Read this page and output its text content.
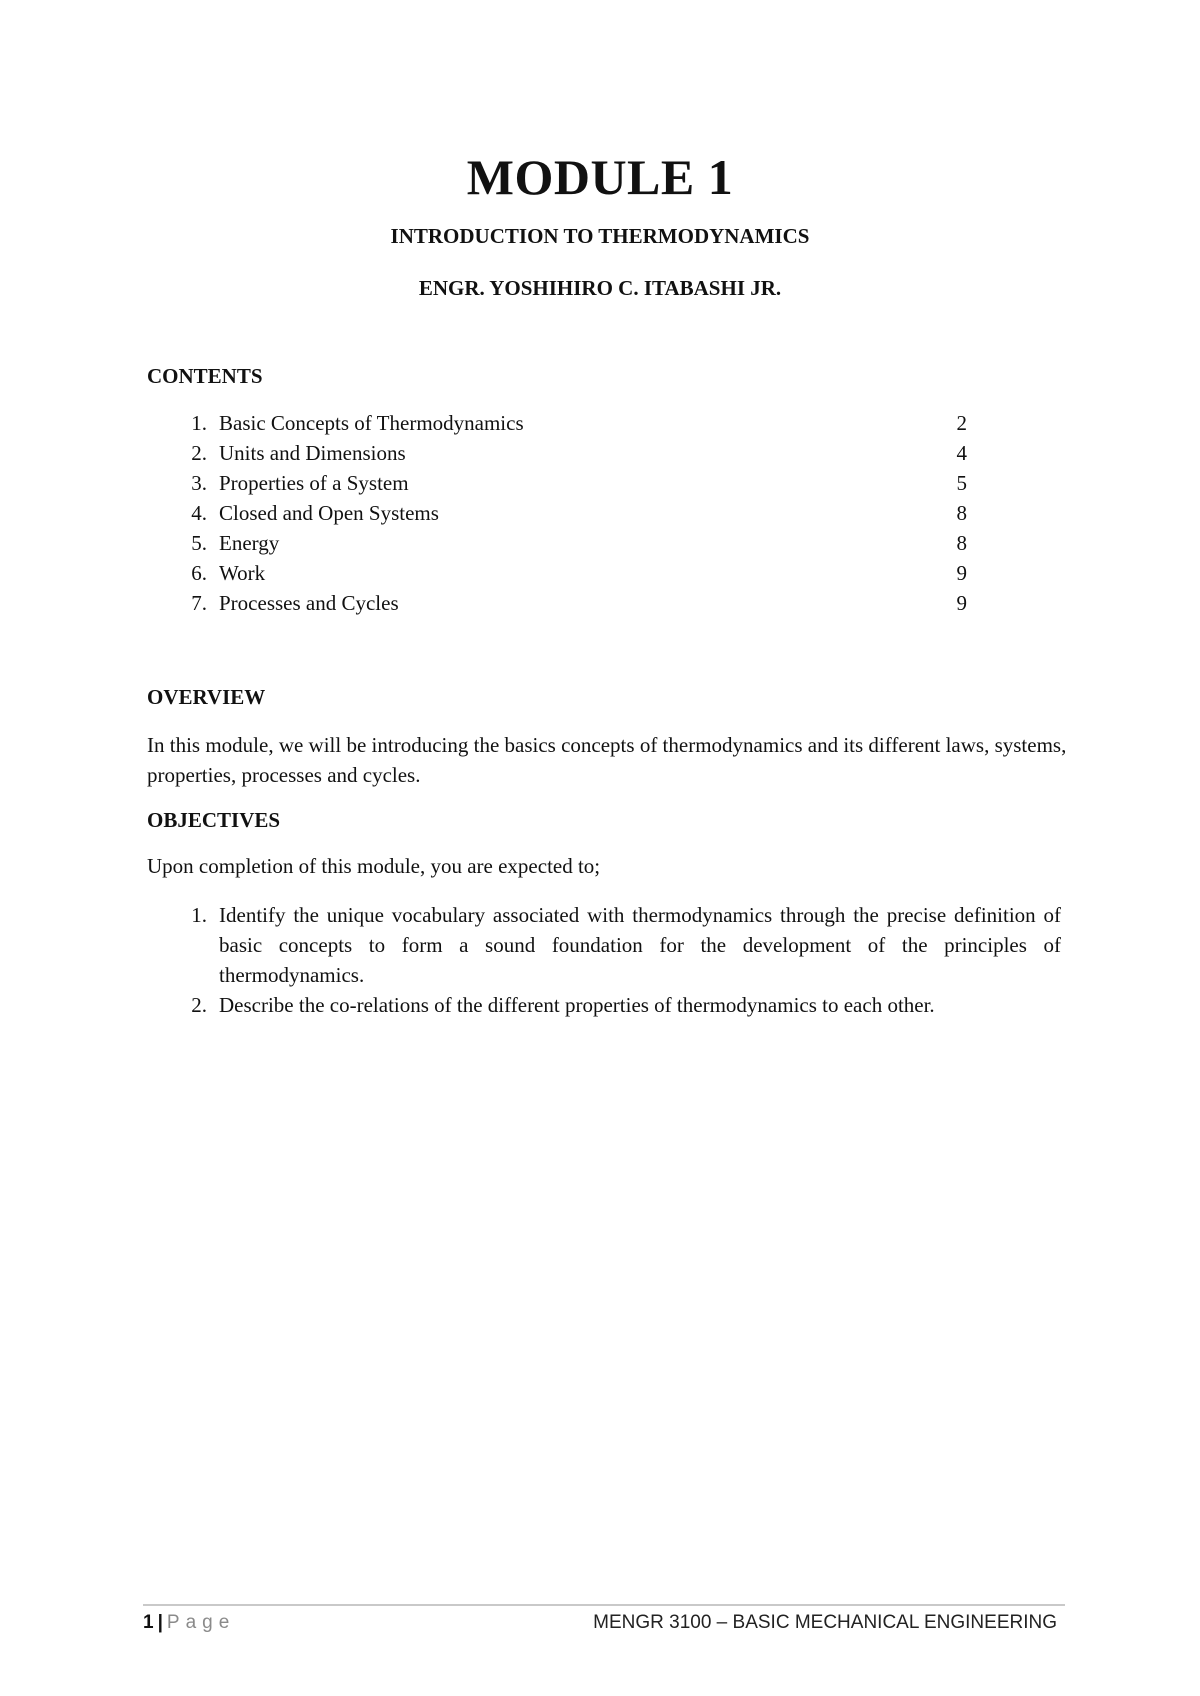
MODULE 1
INTRODUCTION TO THERMODYNAMICS
ENGR. YOSHIHIRO C. ITABASHI JR.
CONTENTS
1. Basic Concepts of Thermodynamics	2
2. Units and Dimensions	4
3. Properties of a System	5
4. Closed and Open Systems	8
5. Energy	8
6. Work	9
7. Processes and Cycles	9
OVERVIEW
In this module, we will be introducing the basics concepts of thermodynamics and its different laws, systems, properties, processes and cycles.
OBJECTIVES
Upon completion of this module, you are expected to;
1. Identify the unique vocabulary associated with thermodynamics through the precise definition of basic concepts to form a sound foundation for the development of the principles of thermodynamics.
2. Describe the co-relations of the different properties of thermodynamics to each other.
1 | Page	MENGR 3100 – BASIC MECHANICAL ENGINEERING
